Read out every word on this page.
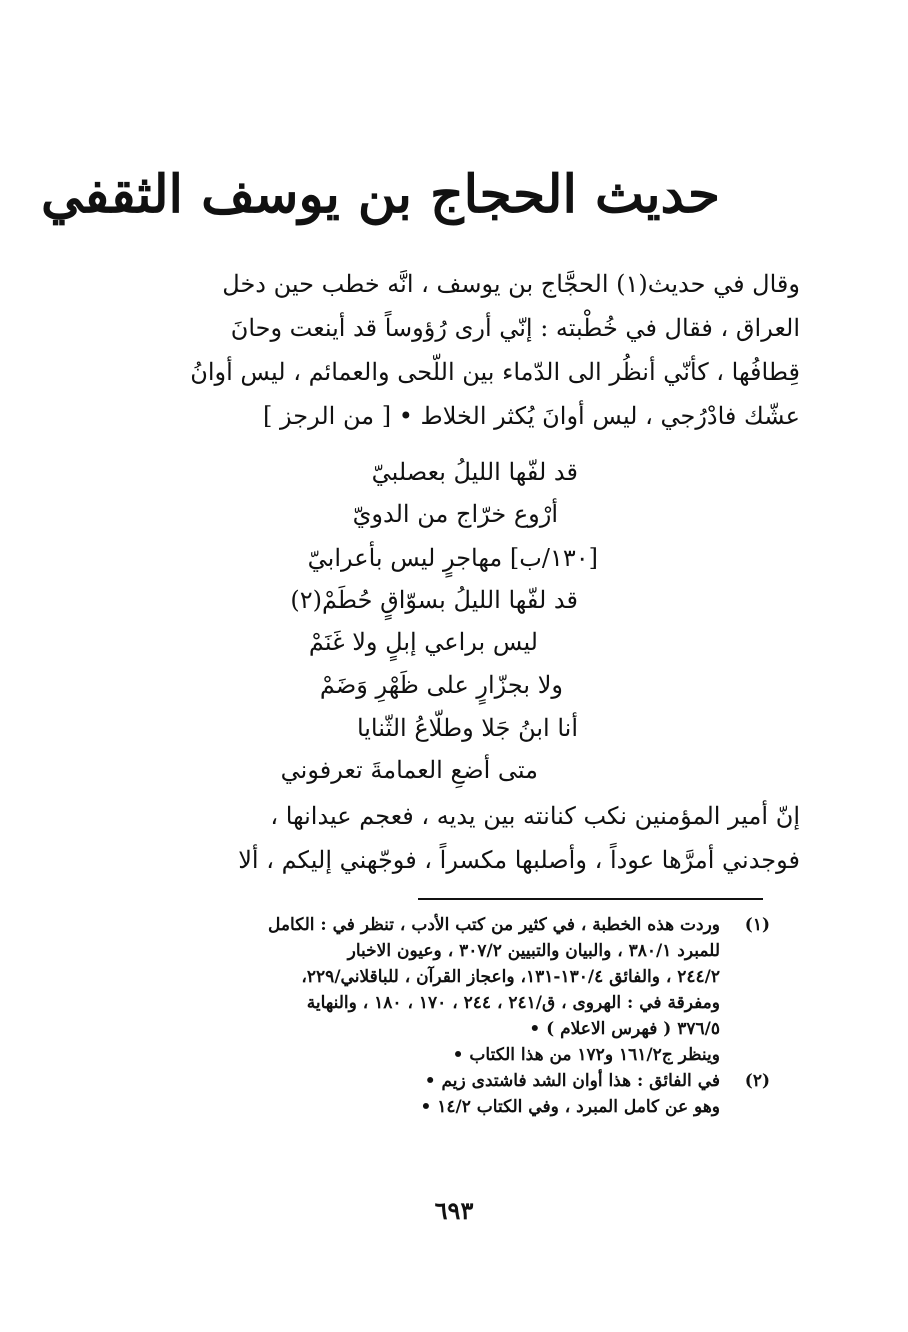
حديث الحجاج بن يوسف الثقفي
وقال في حديث(١) الحجَّاج بن يوسف ، انَّه خطب حين دخل
العراق ، فقال في خُطْبته : إنّي أرى رُؤوساً قد أينعت وحانَ
قِطافُها ، كأنّي أنظُر الى الدّماء بين اللّحى والعمائم ، ليس أوانُ
عشّك فادْرُجي ، ليس أوانَ يُكثر الخلاط • [ من الرجز ]
قد لفّها الليلُ بعصلبيّ
أرْوع خرّاج من الدويّ
[١٣٠/ب] مهاجرٍ ليس بأعرابيّ
قد لفّها الليلُ بسوّاقٍ حُطَمْ(٢)
ليس براعي إبلٍ ولا غَنَمْ
ولا بجزّارٍ على ظَهْرِ وَضَمْ
أنا ابنُ جَلا وطلّاعُ الثّنايا
متى أضعِ العمامةَ تعرفوني
إنّ أمير المؤمنين نكب كنانته بين يديه ، فعجم عيدانها ،
فوجدني أمرَّها عوداً ، وأصلبها مكسراً ، فوجّهني إليكم ، ألا
(١)
وردت هذه الخطبة ، في كثير من كتب الأدب ، تنظر في : الكامل
للمبرد ٣٨٠/١ ، والبيان والتبيين ٣٠٧/٢ ، وعيون الاخبار
٢٤٤/٢ ، والفائق ١٣٠/٤-١٣١، واعجاز القرآن ، للباقلاني/٢٢٩،
ومفرقة في : الهروى ، ق/٢٤١ ، ٢٤٤ ، ١٧٠ ، ١٨٠ ، والنهاية
٣٧٦/٥ ( فهرس الاعلام ) •
وينظر ج١٦١/٢ و١٧٢ من هذا الكتاب •
(٢)
في الفائق : هذا أوان الشد فاشتدى زيم •
وهو عن كامل المبرد ، وفي الكتاب ١٤/٢ •
٦٩٣
